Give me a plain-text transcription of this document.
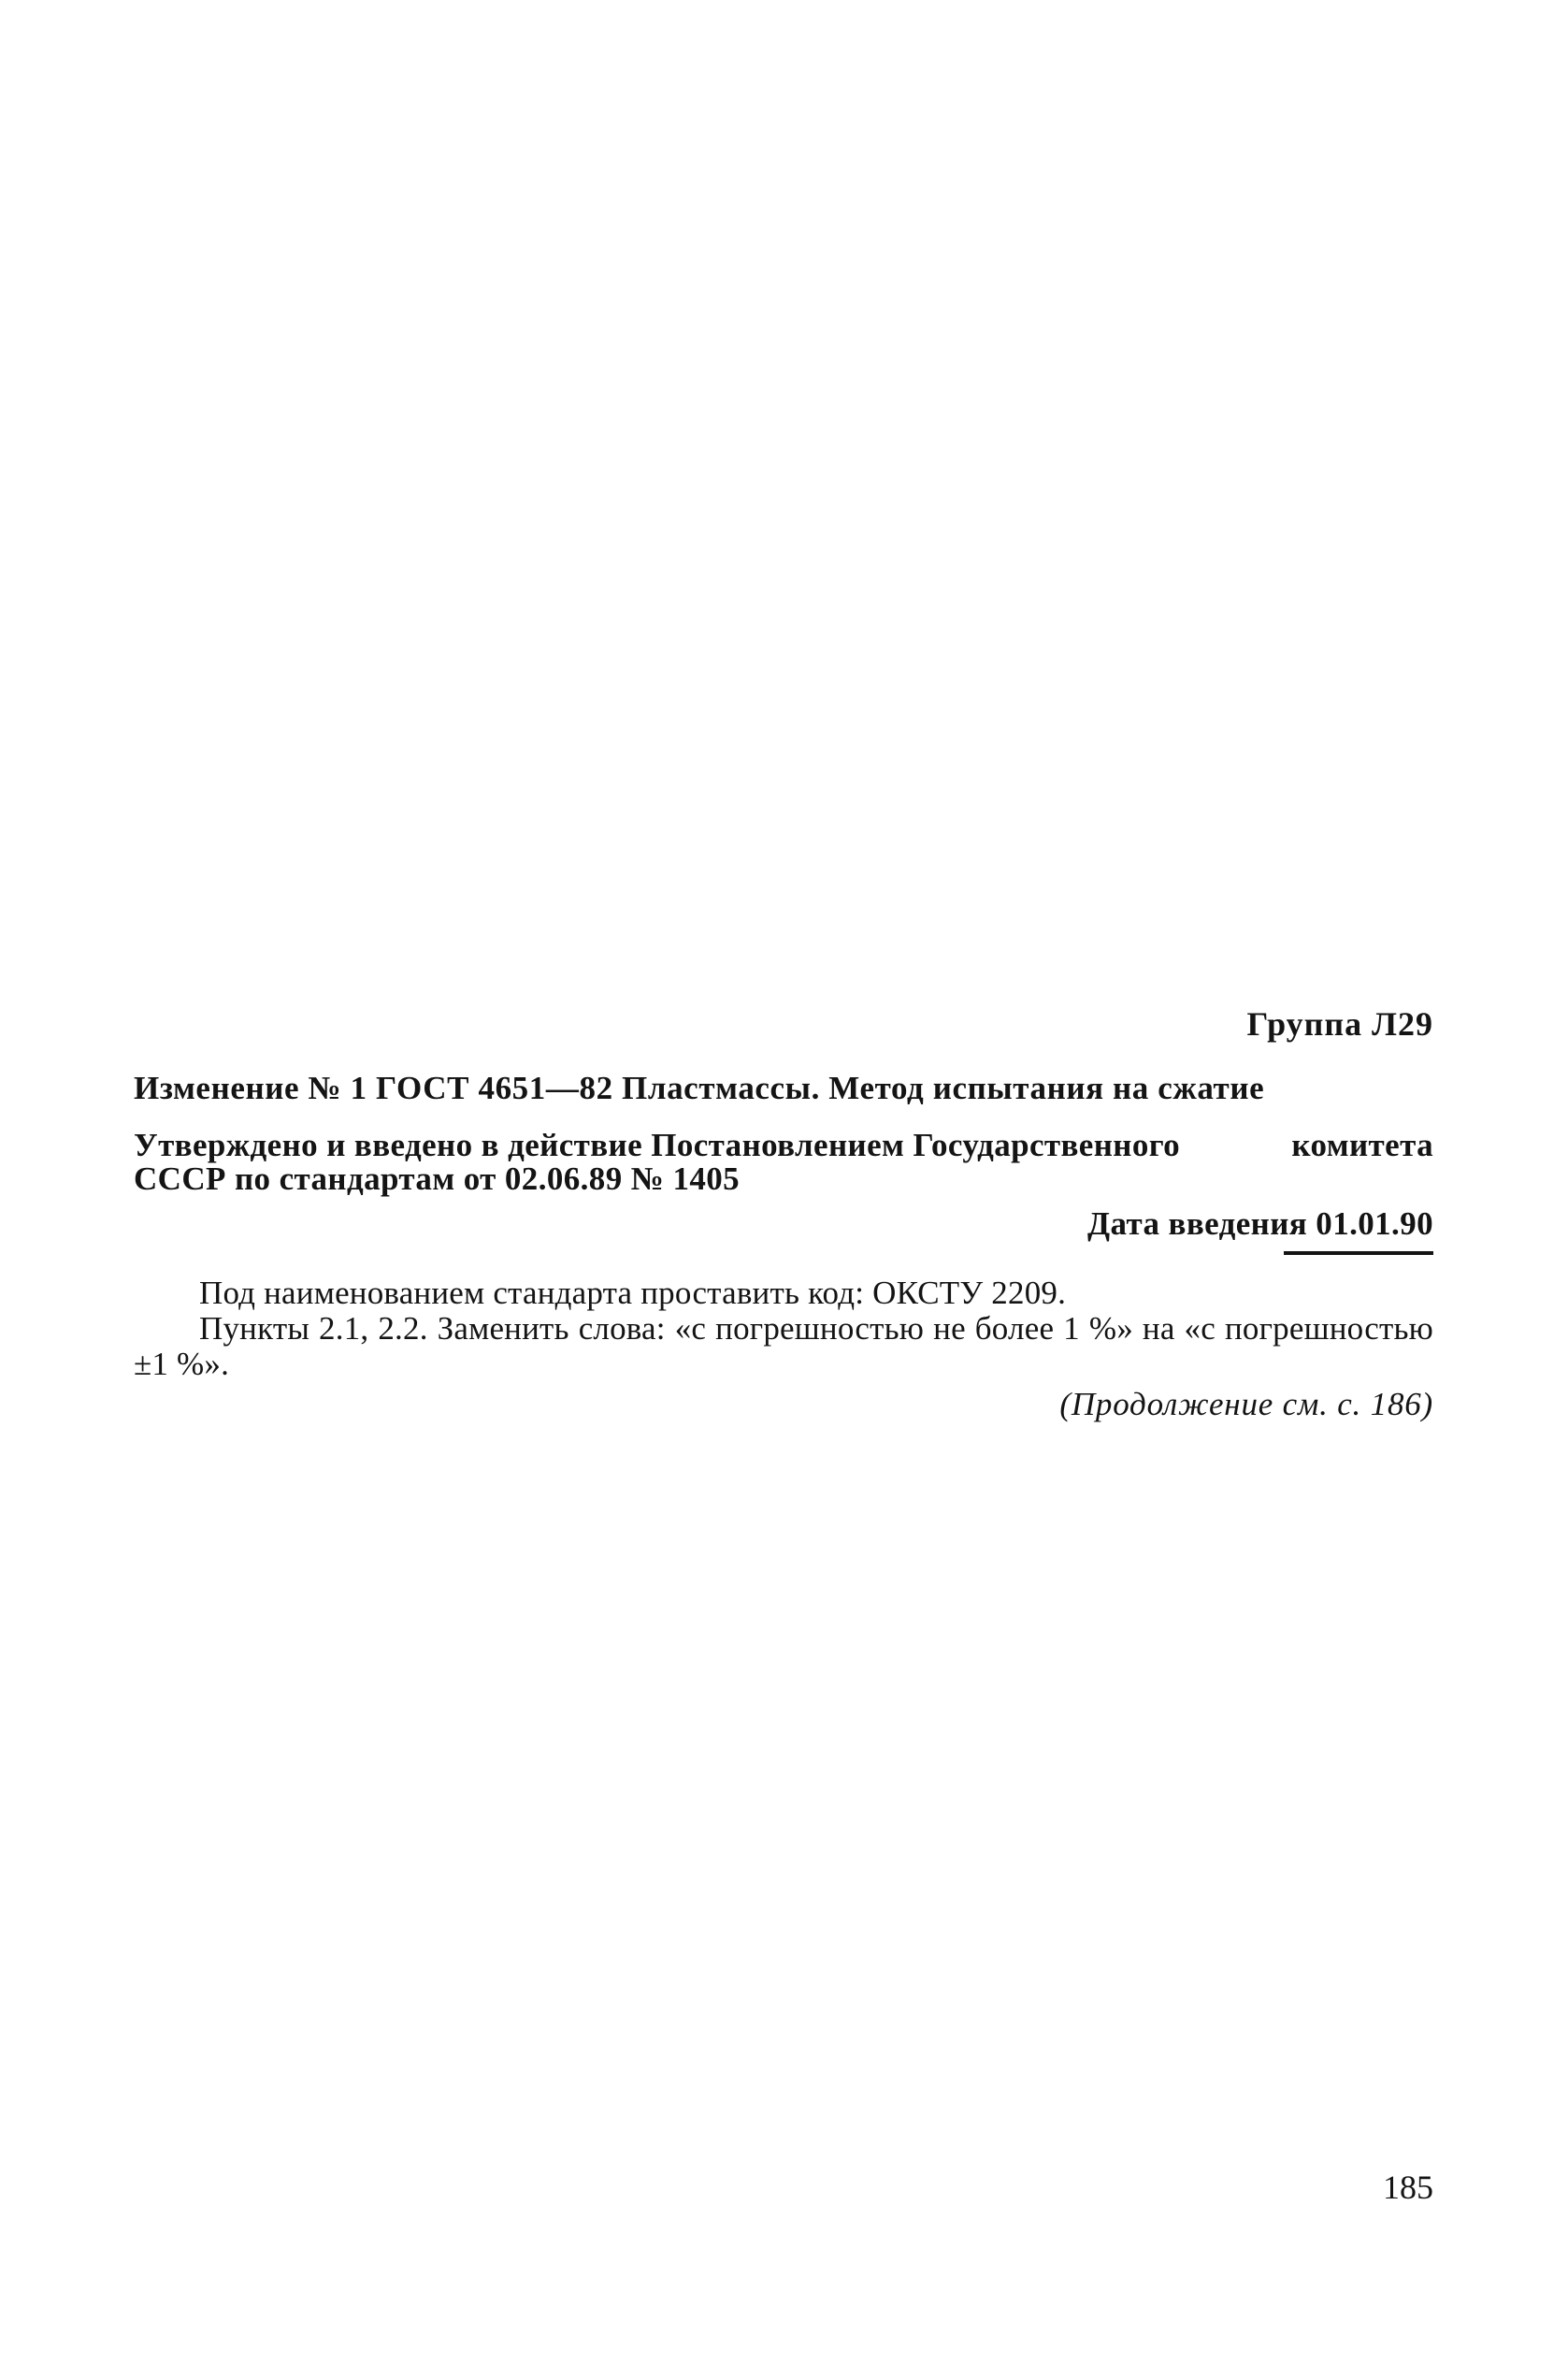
Группа Л29
Изменение № 1 ГОСТ 4651—82 Пластмассы. Метод испытания на сжатие
Утверждено и введено в действие Постановлением Государственного	комитета
СССР по стандартам от 02.06.89 № 1405
Дата введения 01.01.90
Под наименованием стандарта проставить код: ОКСТУ 2209.
Пункты 2.1, 2.2. Заменить слова: «с погрешностью не более 1 %» на «с погрешностью ±1 %».
(Продолжение см. с. 186)
185
